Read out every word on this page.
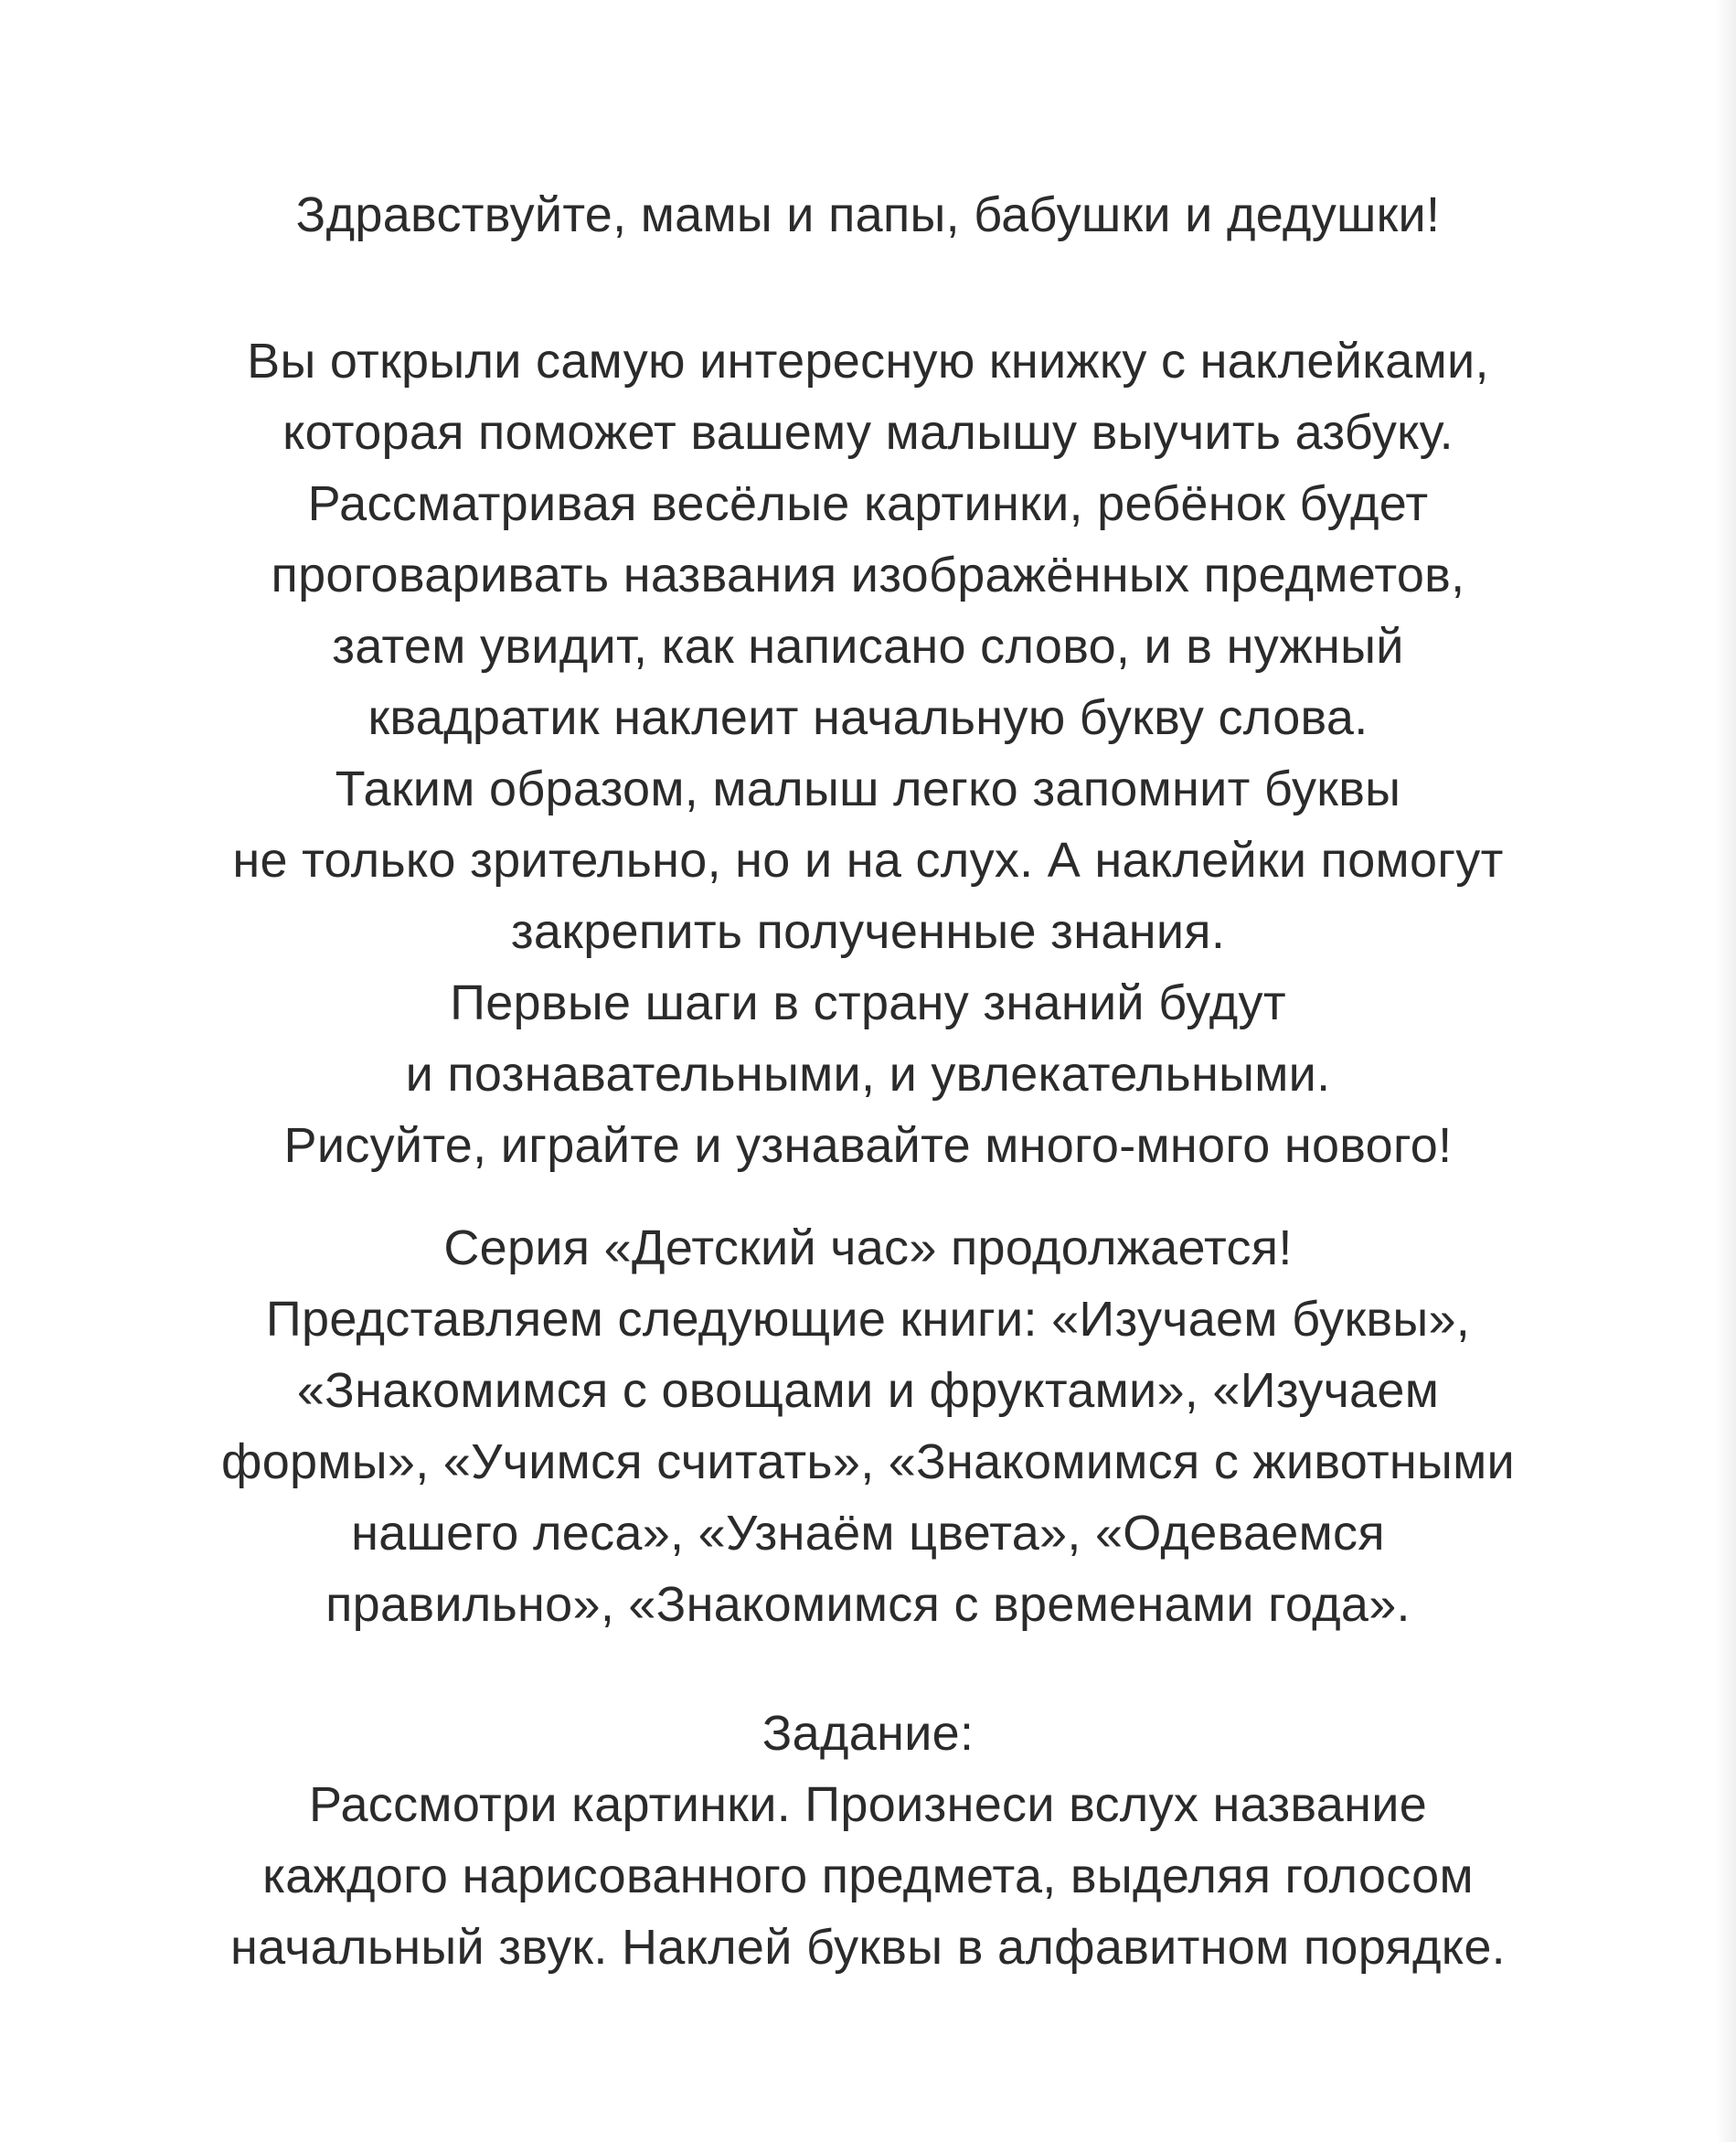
Здравствуйте, мамы и папы, бабушки и дедушки!
Вы открыли самую интересную книжку с наклейками,
которая поможет вашему малышу выучить азбуку.
Рассматривая весёлые картинки, ребёнок будет
проговаривать названия изображённых предметов,
затем увидит, как написано слово, и в нужный
квадратик наклеит начальную букву слова.
Таким образом, малыш легко запомнит буквы
не только зрительно, но и на слух. А наклейки помогут
закрепить полученные знания.
Первые шаги в страну знаний будут
и познавательными, и увлекательными.
Рисуйте, играйте и узнавайте много-много нового!
Серия «Детский час» продолжается!
Представляем следующие книги: «Изучаем буквы»,
«Знакомимся с овощами и фруктами», «Изучаем
формы», «Учимся считать», «Знакомимся с животными
нашего леса», «Узнаём цвета», «Одеваемся
правильно», «Знакомимся с временами года».
Задание:
Рассмотри картинки. Произнеси вслух название
каждого нарисованного предмета, выделяя голосом
начальный звук. Наклей буквы в алфавитном порядке.
